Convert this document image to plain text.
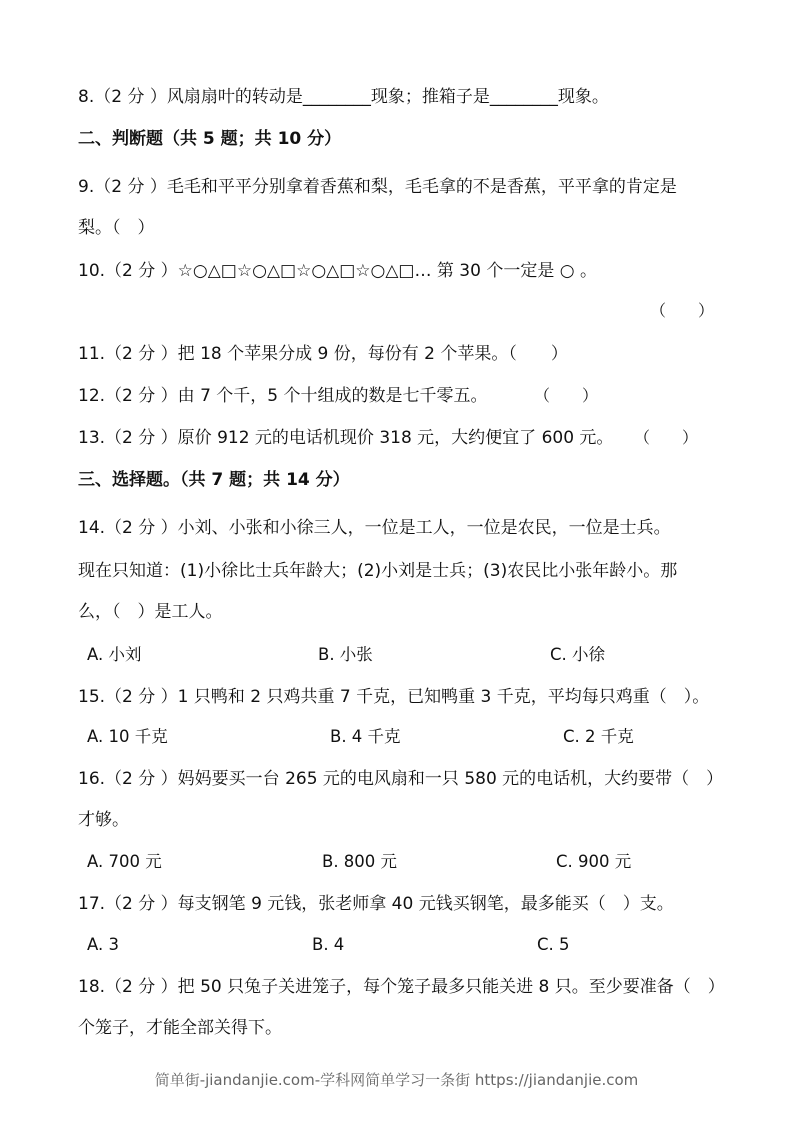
8.（2 分 ）风扇扇叶的转动是________现象；推箱子是________现象。
二、判断题（共 5 题；共 10 分）
9.（2 分 ）毛毛和平平分别拿着香蕉和梨，毛毛拿的不是香蕉，平平拿的肯定是
梨。（　）
10.（2 分 ）☆○△□☆○△□☆○△□☆○△□… 第 30 个一定是 ○ 。
（　　）
11.（2 分 ）把 18 个苹果分成 9 份，每份有 2 个苹果。（　　）
12.（2 分 ）由 7 个千，5 个十组成的数是七千零五。	（　　）
13.（2 分 ）原价 912 元的电话机现价 318 元，大约便宜了 600 元。 （　　）
三、选择题。（共 7 题；共 14 分）
14.（2 分 ）小刘、小张和小徐三人，一位是工人，一位是农民，一位是士兵。
现在只知道：(1)小徐比士兵年龄大；(2)小刘是士兵；(3)农民比小张年龄小。那
么，（　）是工人。
A. 小刘	B. 小张	C. 小徐
15.（2 分 ）1 只鸭和 2 只鸡共重 7 千克，已知鸭重 3 千克，平均每只鸡重（　）。
A. 10 千克	B. 4 千克	C. 2 千克
16.（2 分 ）妈妈要买一台 265 元的电风扇和一只 580 元的电话机，大约要带（　）
才够。
A. 700 元	B. 800 元	C. 900 元
17.（2 分 ）每支钢笔 9 元钱，张老师拿 40 元钱买钢笔，最多能买（　）支。
A. 3	B. 4	C. 5
18.（2 分 ）把 50 只兔子关进笼子，每个笼子最多只能关进 8 只。至少要准备（　）
个笼子，才能全部关得下。
简单街-jiandanjie.com-学科网简单学习一条街 https://jiandanjie.com
